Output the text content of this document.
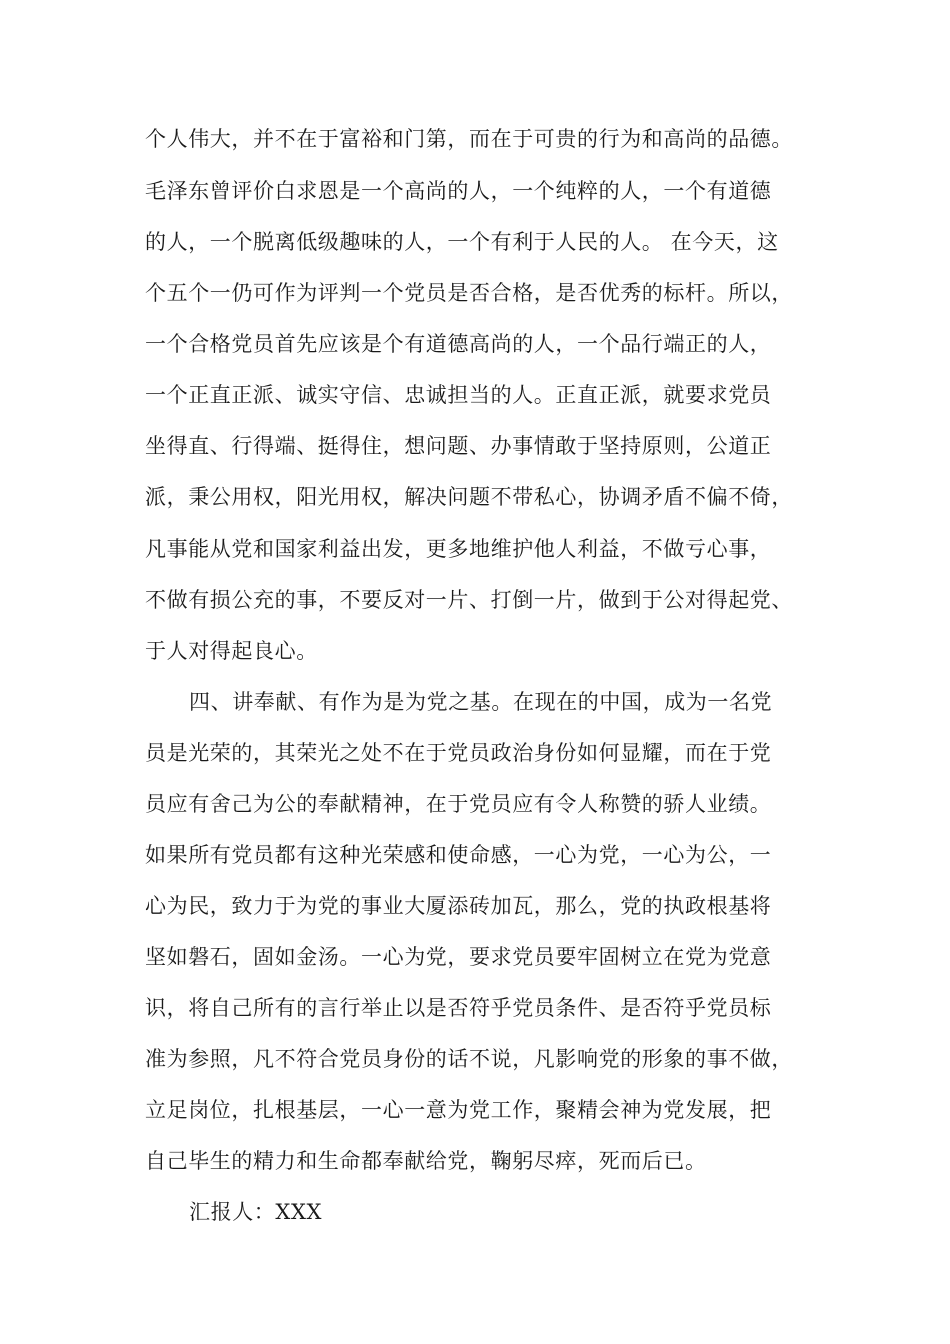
个人伟大，并不在于富裕和门第，而在于可贵的行为和高尚的品德。
毛泽东曾评价白求恩是一个高尚的人，一个纯粹的人，一个有道德
的人，一个脱离低级趣味的人，一个有利于人民的人。 在今天，这
个五个一仍可作为评判一个党员是否合格，是否优秀的标杆。所以，
一个合格党员首先应该是个有道德高尚的人，一个品行端正的人，
一个正直正派、诚实守信、忠诚担当的人。正直正派，就要求党员
坐得直、行得端、挺得住，想问题、办事情敢于坚持原则，公道正
派，秉公用权，阳光用权，解决问题不带私心，协调矛盾不偏不倚，
凡事能从党和国家利益出发，更多地维护他人利益，不做亏心事，
不做有损公充的事，不要反对一片、打倒一片，做到于公对得起党、
于人对得起良心。
四、讲奉献、有作为是为党之基。在现在的中国，成为一名党
员是光荣的，其荣光之处不在于党员政治身份如何显耀，而在于党
员应有舍己为公的奉献精神，在于党员应有令人称赞的骄人业绩。
如果所有党员都有这种光荣感和使命感，一心为党，一心为公，一
心为民，致力于为党的事业大厦添砖加瓦，那么，党的执政根基将
坚如磐石，固如金汤。一心为党，要求党员要牢固树立在党为党意
识，将自己所有的言行举止以是否符乎党员条件、是否符乎党员标
准为参照，凡不符合党员身份的话不说，凡影响党的形象的事不做，
立足岗位，扎根基层，一心一意为党工作，聚精会神为党发展，把
自己毕生的精力和生命都奉献给党，鞠躬尽瘁，死而后已。
汇报人：XXX
